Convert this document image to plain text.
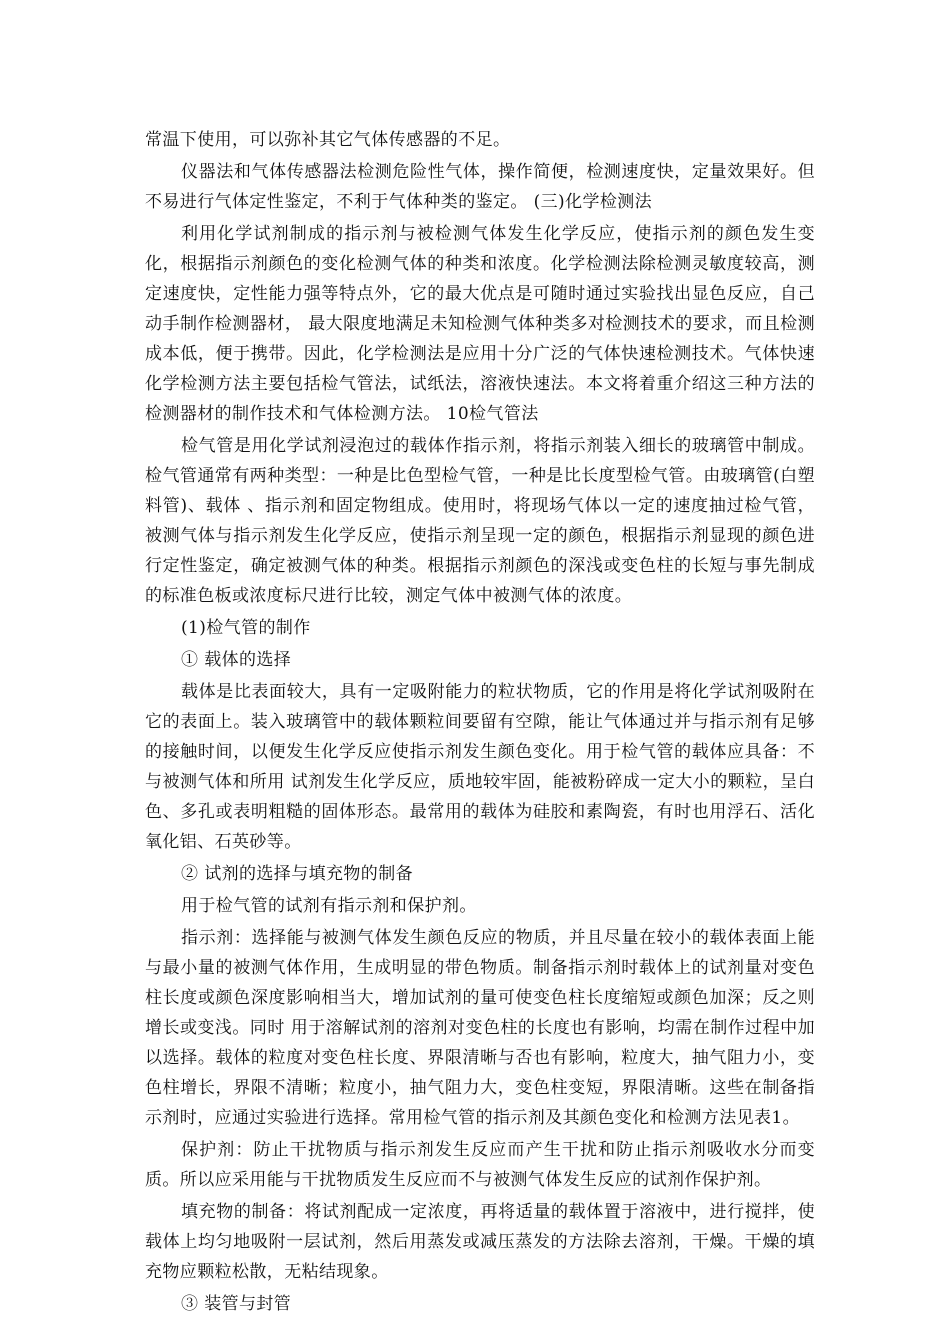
常温下使用，可以弥补其它气体传感器的不足。

仪器法和气体传感器法检测危险性气体，操作简便，检测速度快，定量效果好。但不易进行气体定性鉴定，不利于气体种类的鉴定。 (三)化学检测法

利用化学试剂制成的指示剂与被检测气体发生化学反应，使指示剂的颜色发生变化，根据指示剂颜色的变化检测气体的种类和浓度。化学检测法除检测灵敏度较高，测定速度快，定性能力强等特点外，它的最大优点是可随时通过实验找出显色反应，自己动手制作检测器材， 最大限度地满足未知检测气体种类多对检测技术的要求，而且检测成本低，便于携带。因此，化学检测法是应用十分广泛的气体快速检测技术。气体快速化学检测方法主要包括检气管法，试纸法，溶液快速法。本文将着重介绍这三种方法的检测器材的制作技术和气体检测方法。 10检气管法

检气管是用化学试剂浸泡过的载体作指示剂，将指示剂装入细长的玻璃管中制成。检气管通常有两种类型：一种是比色型检气管，一种是比长度型检气管。由玻璃管(白塑料管)、载体 、指示剂和固定物组成。使用时，将现场气体以一定的速度抽过检气管，被测气体与指示剂发生化学反应，使指示剂呈现一定的颜色，根据指示剂显现的颜色进行定性鉴定，确定被测气体的种类。根据指示剂颜色的深浅或变色柱的长短与事先制成的标准色板或浓度标尺进行比较，测定气体中被测气体的浓度。

(1)检气管的制作

① 载体的选择

载体是比表面较大，具有一定吸附能力的粒状物质，它的作用是将化学试剂吸附在它的表面上。装入玻璃管中的载体颗粒间要留有空隙，能让气体通过并与指示剂有足够的接触时间，以便发生化学反应使指示剂发生颜色变化。用于检气管的载体应具备：不与被测气体和所用 试剂发生化学反应，质地较牢固，能被粉碎成一定大小的颗粒，呈白色、多孔或表明粗糙的固体形态。最常用的载体为硅胶和素陶瓷，有时也用浮石、活化氧化铝、石英砂等。

② 试剂的选择与填充物的制备

用于检气管的试剂有指示剂和保护剂。

指示剂：选择能与被测气体发生颜色反应的物质，并且尽量在较小的载体表面上能与最小量的被测气体作用，生成明显的带色物质。制备指示剂时载体上的试剂量对变色柱长度或颜色深度影响相当大，增加试剂的量可使变色柱长度缩短或颜色加深；反之则增长或变浅。同时 用于溶解试剂的溶剂对变色柱的长度也有影响，均需在制作过程中加以选择。载体的粒度对变色柱长度、界限清晰与否也有影响，粒度大，抽气阻力小，变色柱增长，界限不清晰；粒度小，抽气阻力大，变色柱变短，界限清晰。这些在制备指示剂时，应通过实验进行选择。常用检气管的指示剂及其颜色变化和检测方法见表1。

保护剂：防止干扰物质与指示剂发生反应而产生干扰和防止指示剂吸收水分而变质。所以应采用能与干扰物质发生反应而不与被测气体发生反应的试剂作保护剂。

填充物的制备：将试剂配成一定浓度，再将适量的载体置于溶液中，进行搅拌，使载体上均匀地吸附一层试剂，然后用蒸发或减压蒸发的方法除去溶剂，干燥。干燥的填充物应颗粒松散，无粘结现象。

③ 装管与封管
